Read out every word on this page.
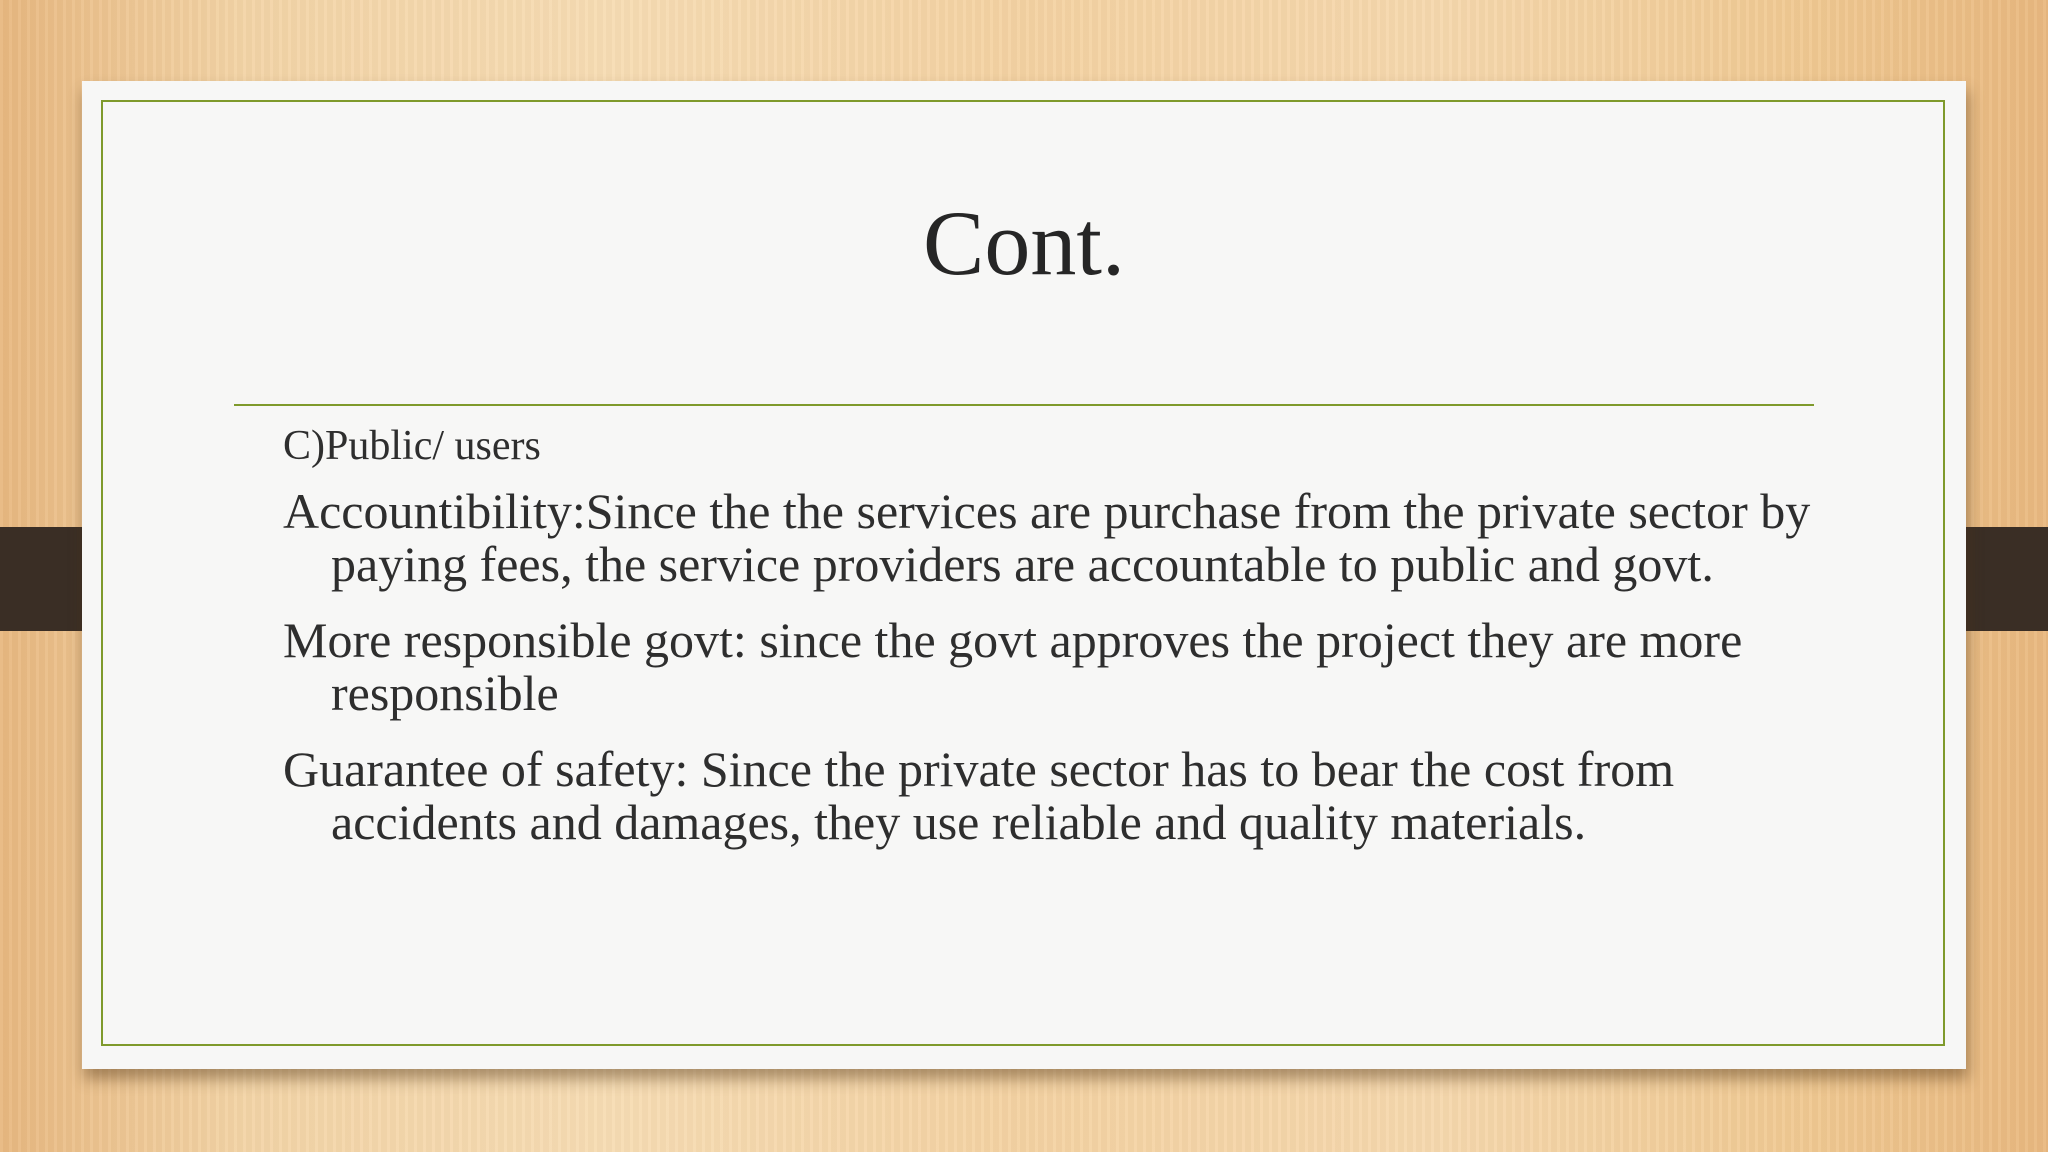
Cont.

C)Public/ users

Accountibility:Since the the services are purchase from the private sector by paying fees, the service providers are accountable to public and govt.

More responsible govt: since the govt approves the project they are more responsible

Guarantee of safety: Since the private sector has to bear the cost from accidents and damages, they use reliable and quality materials.
